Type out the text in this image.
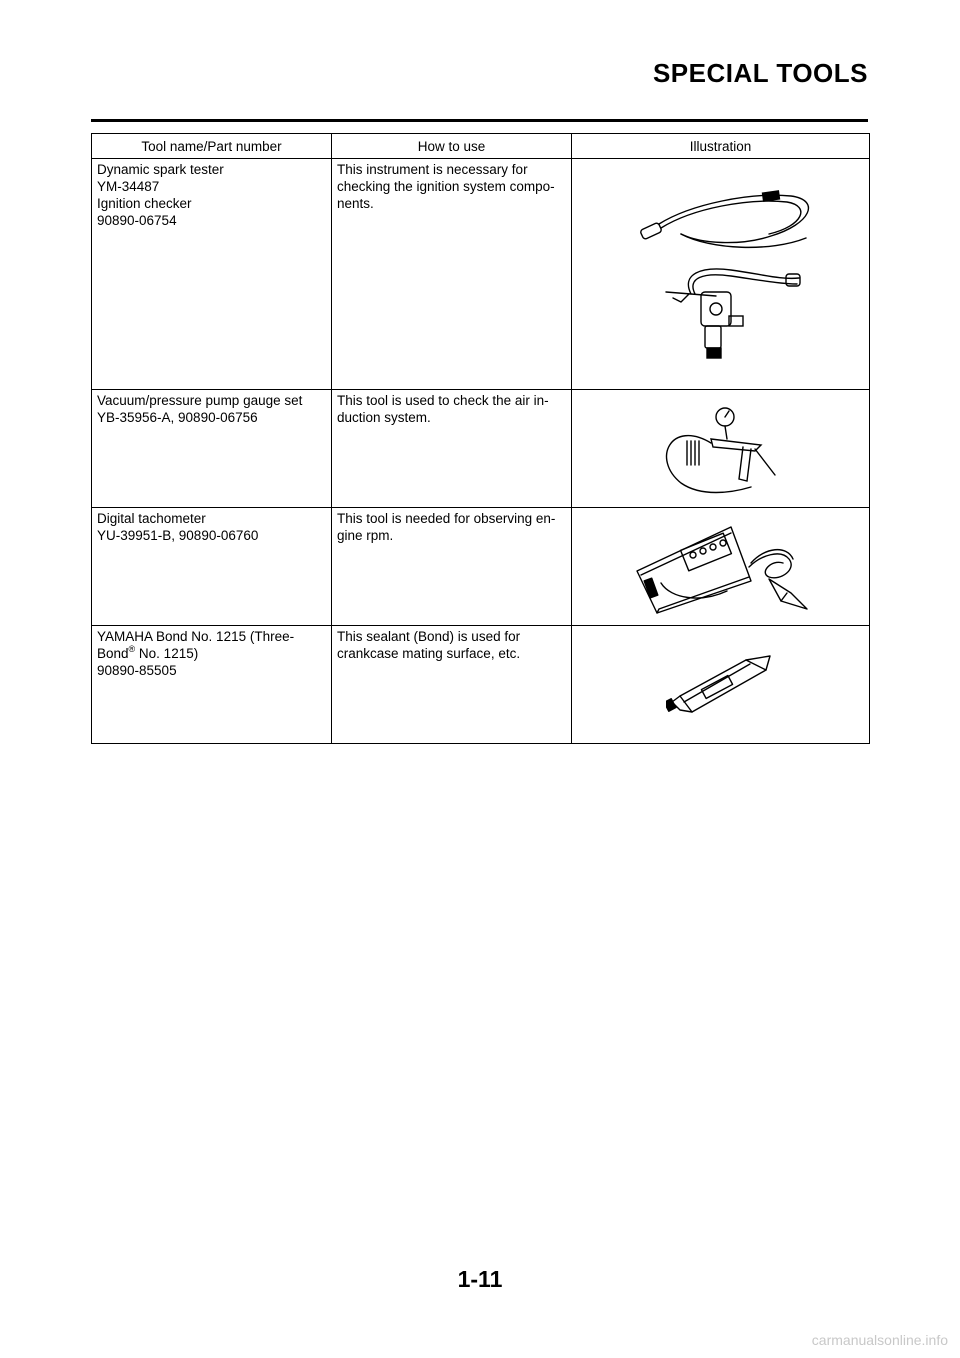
SPECIAL TOOLS
Tool name/Part number	How to use	Illustration

Dynamic spark tester
YM-34487
Ignition checker
90890-06754	This instrument is necessary for
checking the ignition system compo-
nents.

Vacuum/pressure pump gauge set
YB-35956-A, 90890-06756	This tool is used to check the air in-
duction system.

Digital tachometer
YU-39951-B, 90890-06760	This tool is needed for observing en-
gine rpm.

YAMAHA Bond No. 1215 (Three-
Bond® No. 1215)
90890-85505	This sealant (Bond) is used for
crankcase mating surface, etc.

1-11
carmanualsonline.info
